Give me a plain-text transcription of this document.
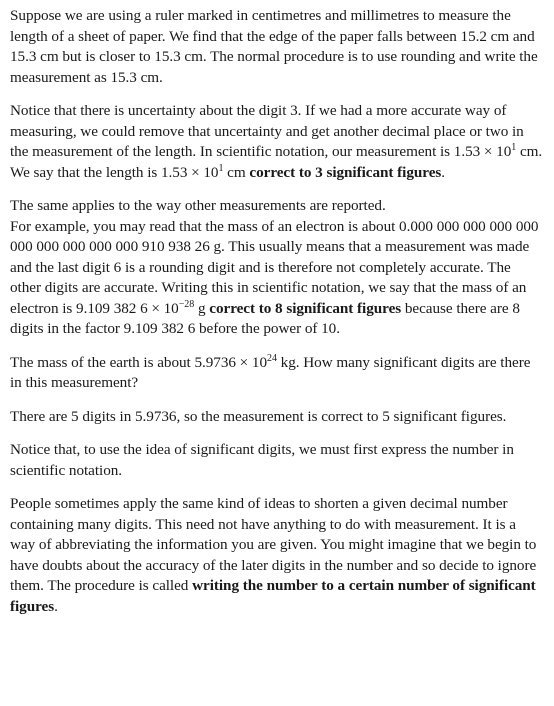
Suppose we are using a ruler marked in centimetres and millimetres to measure the length of a sheet of paper. We find that the edge of the paper falls between 15.2 cm and 15.3 cm but is closer to 15.3 cm. The normal procedure is to use rounding and write the measurement as 15.3 cm.

Notice that there is uncertainty about the digit 3. If we had a more accurate way of measuring, we could remove that uncertainty and get another decimal place or two in the measurement of the length. In scientific notation, our measurement is $1.53 \times 10^1$ cm. We say that the length is $1.53 \times 10^1$ cm correct to 3 significant figures.

The same applies to the way other measurements are reported.
For example, you may read that the mass of an electron is about 0.000 000 000 000 000 000 000 000 000 000 910 938 26 g. This usually means that a measurement was made and the last digit 6 is a rounding digit and is therefore not completely accurate. The other digits are accurate. Writing this in scientific notation, we say that the mass of an electron is 9.109 382 $6 \times 10^{-28}$ g correct to 8 significant figures because there are 8 digits in the factor 9.109 382 6 before the power of 10.

The mass of the earth is about $5.9736 \times 10^{24}$ kg. How many significant digits are there in this measurement?

There are 5 digits in 5.9736, so the measurement is correct to 5 significant figures.

Notice that, to use the idea of significant digits, we must first express the number in scientific notation.

People sometimes apply the same kind of ideas to shorten a given decimal number containing many digits. This need not have anything to do with measurement. It is a way of abbreviating the information you are given. You might imagine that we begin to have doubts about the accuracy of the later digits in the number and so decide to ignore them. The procedure is called writing the number to a certain number of significant figures.
